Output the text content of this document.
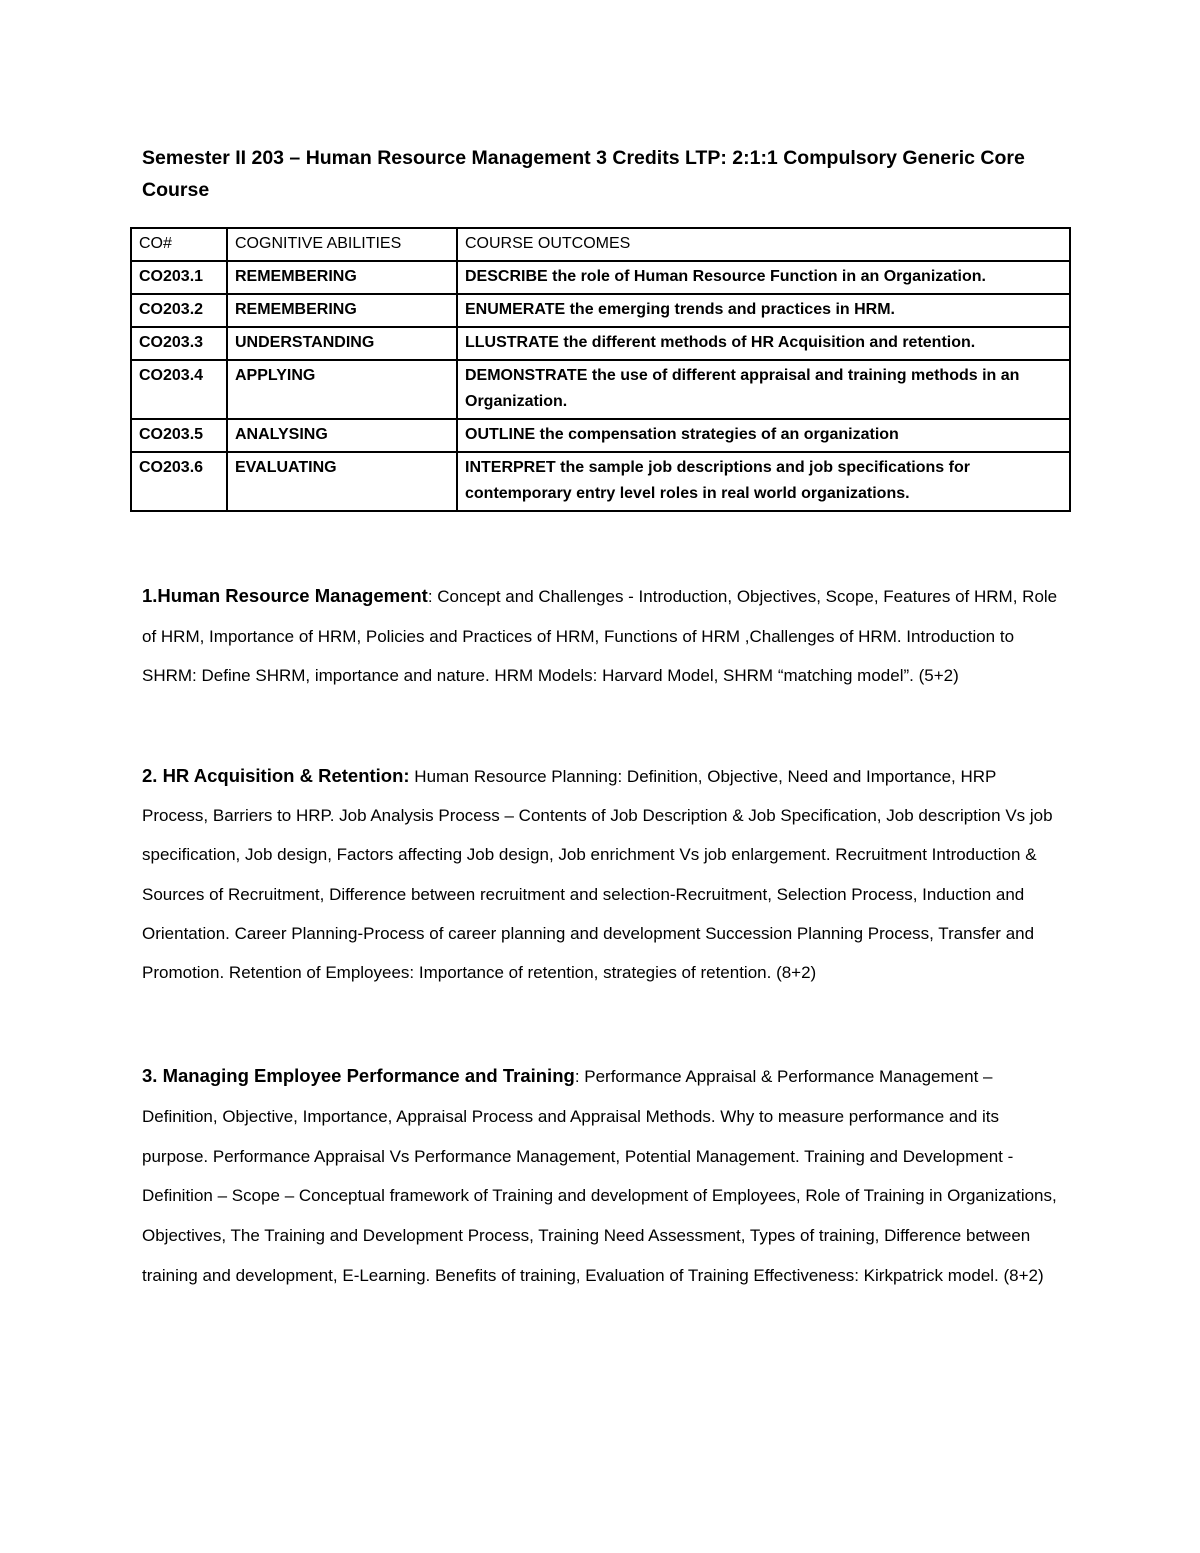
Semester II 203 – Human Resource Management 3 Credits LTP: 2:1:1 Compulsory Generic Core Course

CO#	COGNITIVE ABILITIES	COURSE OUTCOMES
CO203.1	REMEMBERING	DESCRIBE the role of Human Resource Function in an Organization.
CO203.2	REMEMBERING	ENUMERATE the emerging trends and practices in HRM.
CO203.3	UNDERSTANDING	LLUSTRATE the different methods of HR Acquisition and retention.
CO203.4	APPLYING	DEMONSTRATE the use of different appraisal and training methods in an Organization.
CO203.5	ANALYSING	OUTLINE the compensation strategies of an organization
CO203.6	EVALUATING	INTERPRET the sample job descriptions and job specifications for contemporary entry level roles in real world organizations.

1.Human Resource Management: Concept and Challenges - Introduction, Objectives, Scope, Features of HRM, Role of HRM, Importance of HRM, Policies and Practices of HRM, Functions of HRM ,Challenges of HRM. Introduction to SHRM: Define SHRM, importance and nature. HRM Models: Harvard Model, SHRM “matching model”. (5+2)

2. HR Acquisition & Retention: Human Resource Planning: Definition, Objective, Need and Importance, HRP Process, Barriers to HRP. Job Analysis Process – Contents of Job Description & Job Specification, Job description Vs job specification, Job design, Factors affecting Job design, Job enrichment Vs job enlargement. Recruitment Introduction & Sources of Recruitment, Difference between recruitment and selection-Recruitment, Selection Process, Induction and Orientation. Career Planning-Process of career planning and development Succession Planning Process, Transfer and Promotion. Retention of Employees: Importance of retention, strategies of retention. (8+2)

3. Managing Employee Performance and Training: Performance Appraisal & Performance Management – Definition, Objective, Importance, Appraisal Process and Appraisal Methods. Why to measure performance and its purpose. Performance Appraisal Vs Performance Management, Potential Management. Training and Development - Definition – Scope – Conceptual framework of Training and development of Employees, Role of Training in Organizations, Objectives, The Training and Development Process, Training Need Assessment, Types of training, Difference between training and development, E-Learning. Benefits of training, Evaluation of Training Effectiveness: Kirkpatrick model. (8+2)
